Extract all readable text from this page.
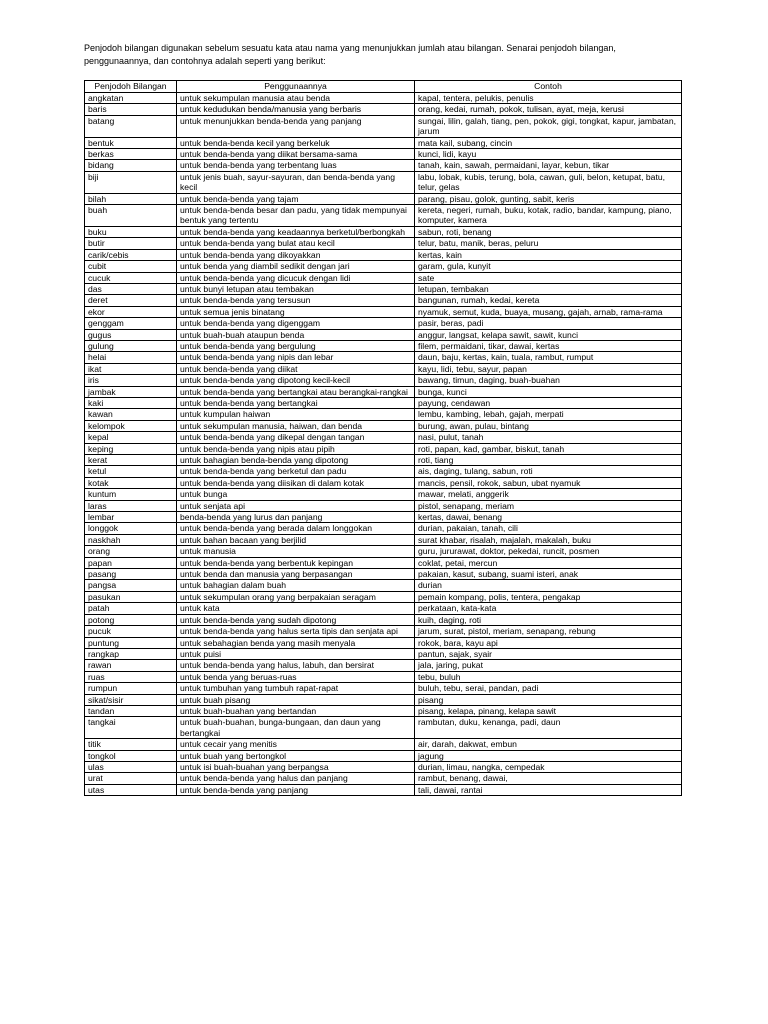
Penjodoh bilangan digunakan sebelum sesuatu kata atau nama yang menunjukkan jumlah atau bilangan. Senarai penjodoh bilangan, penggunaannya, dan contohnya adalah seperti yang berikut:

Penjodoh Bilangan	Penggunaannya	Contoh
angkatan	untuk sekumpulan manusia atau benda	kapal, tentera, pelukis, penulis
baris	untuk kedudukan benda/manusia yang berbaris	orang, kedai, rumah, pokok, tulisan, ayat, meja, kerusi
batang	untuk menunjukkan benda-benda yang panjang	sungai, lilin, galah, tiang, pen, pokok, gigi, tongkat, kapur, jambatan, jarum
bentuk	untuk benda-benda kecil yang berkeluk	mata kail, subang, cincin
berkas	untuk benda-benda yang diikat bersama-sama	kunci, lidi, kayu
bidang	untuk benda-benda yang terbentang luas	tanah, kain, sawah, permaidani, layar, kebun, tikar
biji	untuk jenis buah, sayur-sayuran, dan benda-benda yang kecil	labu, lobak, kubis, terung, bola, cawan, guli, belon, ketupat, batu, telur, gelas
bilah	untuk benda-benda yang tajam	parang, pisau, golok, gunting, sabit, keris
buah	untuk benda-benda besar dan padu, yang tidak mempunyai bentuk yang tertentu	kereta, negeri, rumah, buku, kotak, radio, bandar, kampung, piano, komputer, kamera
buku	untuk benda-benda yang keadaannya berketul/berbongkah	sabun, roti, benang
butir	untuk benda-benda yang bulat atau kecil	telur, batu, manik, beras, peluru
carik/cebis	untuk benda-benda yang dikoyakkan	kertas, kain
cubit	untuk benda yang diambil sedikit dengan jari	garam, gula, kunyit
cucuk	untuk benda-benda yang dicucuk dengan lidi	sate
das	untuk bunyi letupan atau tembakan	letupan, tembakan
deret	untuk benda-benda yang tersusun	bangunan, rumah, kedai, kereta
ekor	untuk semua jenis binatang	nyamuk, semut, kuda, buaya, musang, gajah, arnab, rama-rama
genggam	untuk benda-benda yang digenggam	pasir, beras, padi
gugus	untuk buah-buah ataupun benda	anggur, langsat, kelapa sawit, sawit, kunci
gulung	untuk benda-benda yang bergulung	filem, permaidani, tikar, dawai, kertas
helai	untuk benda-benda yang nipis dan lebar	daun, baju, kertas, kain, tuala, rambut, rumput
ikat	untuk benda-benda yang diikat	kayu, lidi, tebu, sayur, papan
iris	untuk benda-benda yang dipotong kecil-kecil	bawang, timun, daging, buah-buahan
jambak	untuk benda-benda yang bertangkai atau berangkai-rangkai	bunga, kunci
kaki	untuk benda-benda yang bertangkai	payung, cendawan
kawan	untuk kumpulan haiwan	lembu, kambing, lebah, gajah, merpati
kelompok	untuk sekumpulan manusia, haiwan, dan benda	burung, awan, pulau, bintang
kepal	untuk benda-benda yang dikepal dengan tangan	nasi, pulut, tanah
keping	untuk benda-benda yang nipis atau pipih	roti, papan, kad, gambar, biskut, tanah
kerat	untuk bahagian benda-benda yang dipotong	roti, tiang
ketul	untuk benda-benda yang berketul dan padu	ais, daging, tulang, sabun, roti
kotak	untuk benda-benda yang diisikan di dalam kotak	mancis, pensil, rokok, sabun, ubat nyamuk
kuntum	untuk bunga	mawar, melati, anggerik
laras	untuk senjata api	pistol, senapang, meriam
lembar	benda-benda yang lurus dan panjang	kertas, dawai, benang
longgok	untuk benda-benda yang berada dalam longgokan	durian, pakaian, tanah, cili
naskhah	untuk bahan bacaan yang berjilid	surat khabar, risalah, majalah, makalah, buku
orang	untuk manusia	guru, jururawat, doktor, pekedai, runcit, posmen
papan	untuk benda-benda yang berbentuk kepingan	coklat, petai, mercun
pasang	untuk benda dan manusia yang berpasangan	pakaian, kasut, subang, suami isteri, anak
pangsa	untuk bahagian dalam buah	durian
pasukan	untuk sekumpulan orang yang berpakaian seragam	pemain kompang, polis, tentera, pengakap
patah	untuk kata	perkataan, kata-kata
potong	untuk benda-benda yang sudah dipotong	kuih, daging, roti
pucuk	untuk benda-benda yang halus serta tipis dan senjata api	jarum, surat, pistol, meriam, senapang, rebung
puntung	untuk sebahagian benda yang masih menyala	rokok, bara, kayu api
rangkap	untuk puisi	pantun, sajak, syair
rawan	untuk benda-benda yang halus, labuh, dan bersirat	jala, jaring, pukat
ruas	untuk benda yang beruas-ruas	tebu, buluh
rumpun	untuk tumbuhan yang tumbuh rapat-rapat	buluh, tebu, serai, pandan, padi
sikat/sisir	untuk buah pisang	pisang
tandan	untuk buah-buahan yang bertandan	pisang, kelapa, pinang, kelapa sawit
tangkai	untuk buah-buahan, bunga-bungaan, dan daun yang bertangkai	rambutan, duku, kenanga, padi, daun
titik	untuk cecair yang menitis	air, darah, dakwat, embun
tongkol	untuk buah yang bertongkol	jagung
ulas	untuk isi buah-buahan yang berpangsa	durian, limau, nangka, cempedak
urat	untuk benda-benda yang halus dan panjang	rambut, benang, dawai,
utas	untuk benda-benda yang panjang	tali, dawai, rantai
